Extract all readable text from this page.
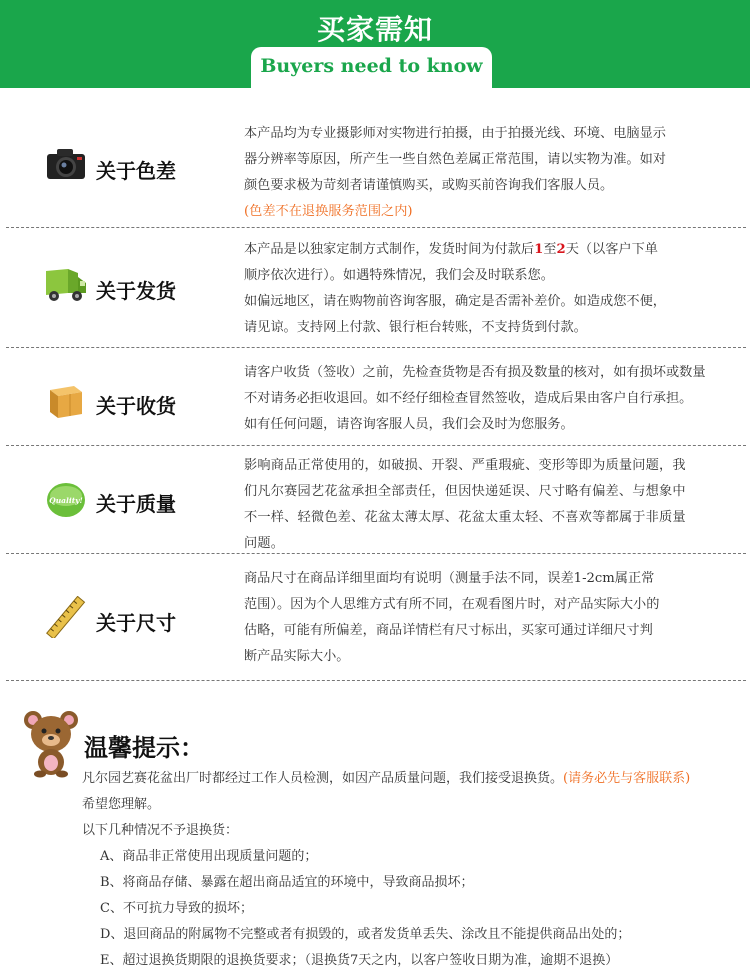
买家需知
Buyers need to know
关于色差

本产品均为专业摄影师对实物进行拍摄，由于拍摄光线、环境、电脑显示

器分辨率等原因，所产生一些自然色差属正常范围，请以实物为准。如对

颜色要求极为苛刻者请谨慎购买，或购买前咨询我们客服人员。

(色差不在退换服务范围之内)

关于发货

本产品是以独家定制方式制作，发货时间为付款后1至2天（以客户下单

顺序依次进行）。如遇特殊情况，我们会及时联系您。

如偏远地区，请在购物前咨询客服，确定是否需补差价。如造成您不便，

请见谅。支持网上付款、银行柜台转账，不支持货到付款。

关于收货

请客户收货（签收）之前，先检查货物是否有损及数量的核对，如有损坏或数量

不对请务必拒收退回。如不经仔细检查冒然签收，造成后果由客户自行承担。

如有任何问题，请咨询客服人员，我们会及时为您服务。

Quality! 关于质量

影响商品正常使用的，如破损、开裂、严重瑕疵、变形等即为质量问题，我

们凡尔赛园艺花盆承担全部责任，但因快递延误、尺寸略有偏差、与想象中

不一样、轻微色差、花盆太薄太厚、花盆太重太轻、不喜欢等都属于非质量

问题。

关于尺寸

商品尺寸在商品详细里面均有说明（测量手法不同，误差1-2cm属正常

范围）。因为个人思维方式有所不同，在观看图片时，对产品实际大小的

估略，可能有所偏差，商品详情栏有尺寸标出，买家可通过详细尺寸判

断产品实际大小。

温馨提示：

凡尔园艺赛花盆出厂时都经过工作人员检测，如因产品质量问题，我们接受退换货。(请务必先与客服联系)

希望您理解。

以下几种情况不予退换货：

A、商品非正常使用出现质量问题的；

B、将商品存储、暴露在超出商品适宜的环境中，导致商品损坏；

C、不可抗力导致的损坏；

D、退回商品的附属物不完整或者有损毁的，或者发货单丢失、涂改且不能提供商品出处的；

E、超过退换货期限的退换货要求；（退换货7天之内，以客户签收日期为准，逾期不退换）
